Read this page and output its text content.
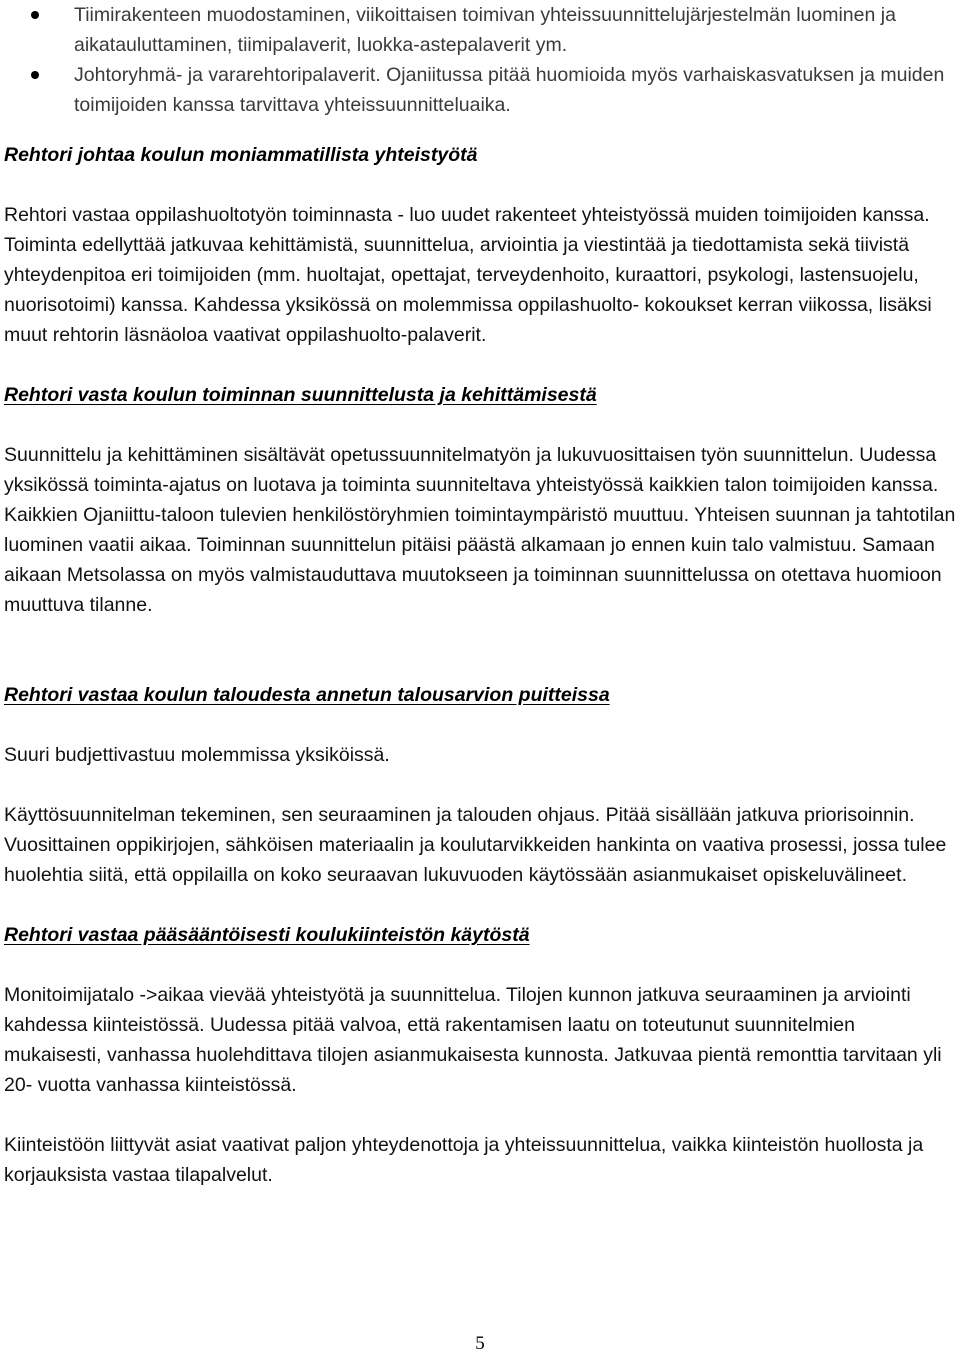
Tiimirakenteen muodostaminen, viikoittaisen toimivan yhteissuunnittelujärjestelmän luominen ja aikatauluttaminen, tiimipalaverit, luokka-astepalaverit ym.
Johtoryhmä- ja vararehtoripalaverit. Ojaniitussa pitää huomioida myös varhaiskasvatuksen ja muiden toimijoiden kanssa tarvittava yhteissuunnitteluaika.
Rehtori johtaa koulun moniammatillista yhteistyötä

Rehtori vastaa oppilashuoltotyön toiminnasta - luo uudet rakenteet yhteistyössä muiden toimijoiden kanssa. Toiminta edellyttää jatkuvaa kehittämistä, suunnittelua, arviointia ja viestintää ja tiedottamista sekä tiivistä yhteydenpitoa eri toimijoiden (mm. huoltajat, opettajat, terveydenhoito, kuraattori, psykologi, lastensuojelu, nuorisotoimi) kanssa. Kahdessa yksikössä on molemmissa oppilashuolto- kokoukset kerran viikossa, lisäksi muut rehtorin läsnäoloa vaativat oppilashuolto-palaverit.

Rehtori vasta koulun toiminnan suunnittelusta ja kehittämisestä

Suunnittelu ja kehittäminen sisältävät opetussuunnitelmatyön ja lukuvuosittaisen työn suunnittelun. Uudessa yksikössä toiminta-ajatus on luotava ja toiminta suunniteltava yhteistyössä kaikkien talon toimijoiden kanssa. Kaikkien Ojaniittu-taloon tulevien henkilöstöryhmien toimintaympäristö muuttuu. Yhteisen suunnan ja tahtotilan luominen vaatii aikaa. Toiminnan suunnittelun pitäisi päästä alkamaan jo ennen kuin talo valmistuu. Samaan aikaan Metsolassa on myös valmistauduttava muutokseen ja toiminnan suunnittelussa on otettava huomioon muuttuva tilanne.

Rehtori vastaa koulun taloudesta annetun talousarvion puitteissa

Suuri budjettivastuu molemmissa yksiköissä.

Käyttösuunnitelman tekeminen, sen seuraaminen ja talouden ohjaus. Pitää sisällään jatkuva priorisoinnin. Vuosittainen oppikirjojen, sähköisen materiaalin ja koulutarvikkeiden hankinta on vaativa prosessi, jossa tulee huolehtia siitä, että oppilailla on koko seuraavan lukuvuoden käytössään asianmukaiset opiskeluvälineet.

Rehtori vastaa pääsääntöisesti koulukiinteistön käytöstä

Monitoimijatalo ->aikaa vievää yhteistyötä ja suunnittelua. Tilojen kunnon jatkuva seuraaminen ja arviointi kahdessa kiinteistössä. Uudessa pitää valvoa, että rakentamisen laatu on toteutunut suunnitelmien mukaisesti, vanhassa huolehdittava tilojen asianmukaisesta kunnosta. Jatkuvaa pientä remonttia tarvitaan yli 20- vuotta vanhassa kiinteistössä.

Kiinteistöön liittyvät asiat vaativat paljon yhteydenottoja ja yhteissuunnittelua, vaikka kiinteistön huollosta ja korjauksista vastaa tilapalvelut.

5
